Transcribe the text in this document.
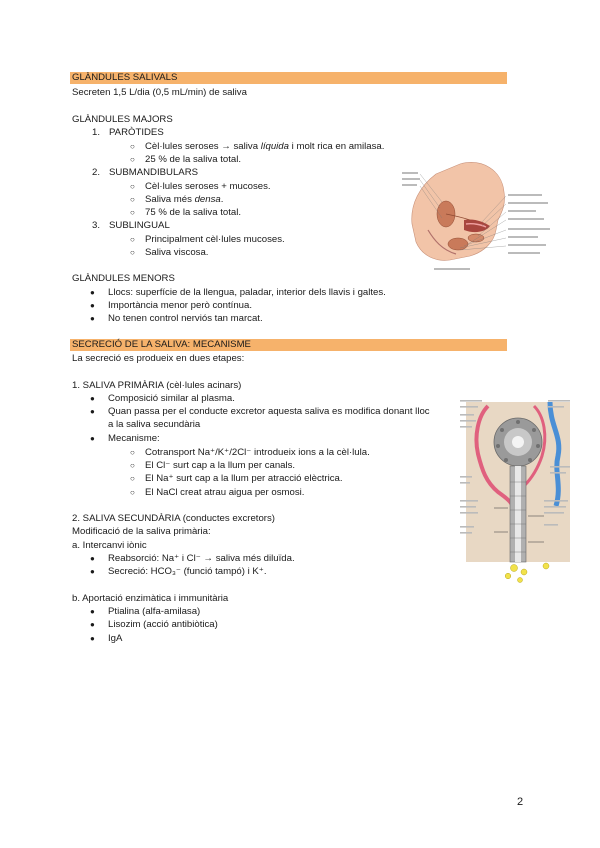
GLÀNDULES SALIVALS
Secreten 1,5 L/dia (0,5 mL/min) de saliva
GLÀNDULES MAJORS
1. PARÒTIDES
○ Cèl·lules seroses → saliva líquida i molt rica en amilasa.
○ 25 % de la saliva total.
2. SUBMANDIBULARS
○ Cèl·lules seroses + mucoses.
○ Saliva més densa.
○ 75 % de la saliva total.
3. SUBLINGUAL
○ Principalment cèl·lules mucoses.
○ Saliva viscosa.
GLÀNDULES MENORS
● Llocs: superfície de la llengua, paladar, interior dels llavis i galtes.
● Importància menor però contínua.
● No tenen control nerviós tan marcat.
SECRECIÓ DE LA SALIVA: MECANISME
La secreció es produeix en dues etapes:
1. SALIVA PRIMÀRIA (cèl·lules acinars)
● Composició similar al plasma.
● Quan passa per el conducte excretor aquesta saliva es modifica donant lloc
a la saliva secundària
● Mecanisme:
○ Cotransport Na⁺/K⁺/2Cl⁻ introdueix ions a la cèl·lula.
○ El Cl⁻ surt cap a la llum per canals.
○ El Na⁺ surt cap a la llum per atracció elèctrica.
○ El NaCl creat atrau aigua per osmosi.
2. SALIVA SECUNDÀRIA (conductes excretors)
Modificació de la saliva primària:
a. Intercanvi iònic
● Reabsorció: Na⁺ i Cl⁻ → saliva més diluïda.
● Secreció: HCO₃⁻ (funció tampó) i K⁺.
b. Aportació enzimàtica i immunitària
● Ptialina (alfa-amilasa)
● Lisozim (acció antibiòtica)
● IgA
2
